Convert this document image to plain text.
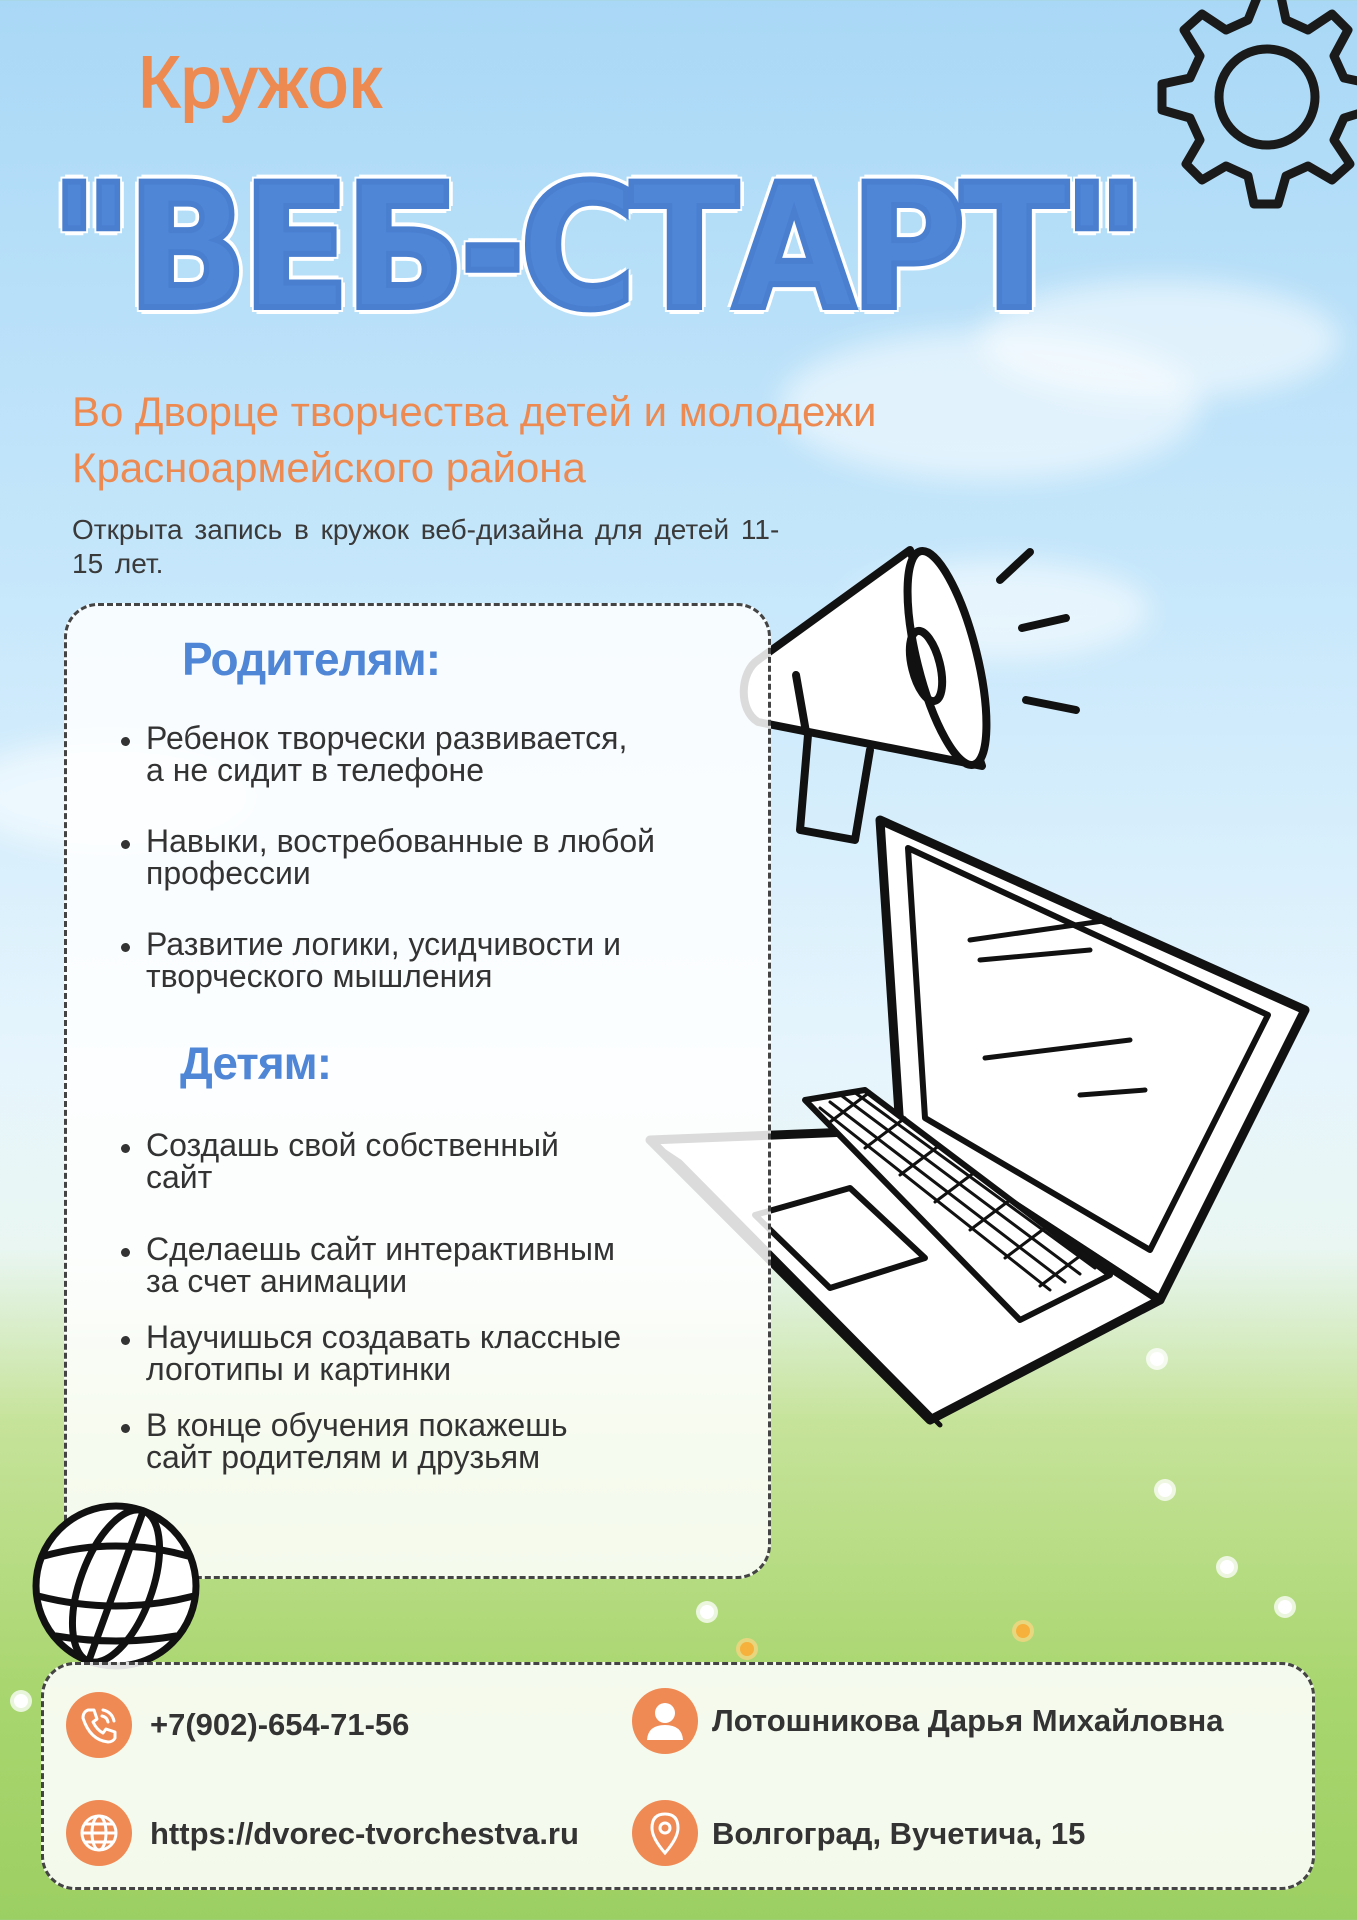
Кружок
"ВЕБ-СТАРТ"
Во Дворце творчества детей и молодежи
Красноармейского района
Открыта запись в кружок веб-дизайна для детей 11-15 лет.
Родителям:
Ребенок творчески развивается,
а не сидит в телефоне
Навыки, востребованные в любой
профессии
Развитие логики, усидчивости и
творческого мышления
Детям:
Создашь свой собственный
сайт
Сделаешь сайт интерактивным
за счет анимации
Научишься создавать классные
логотипы и картинки
В конце обучения покажешь
сайт родителям и друзьям
+7(902)-654-71-56
https://dvorec-tvorchestva.ru
Лотошникова Дарья Михайловна
Волгоград, Вучетича, 15
